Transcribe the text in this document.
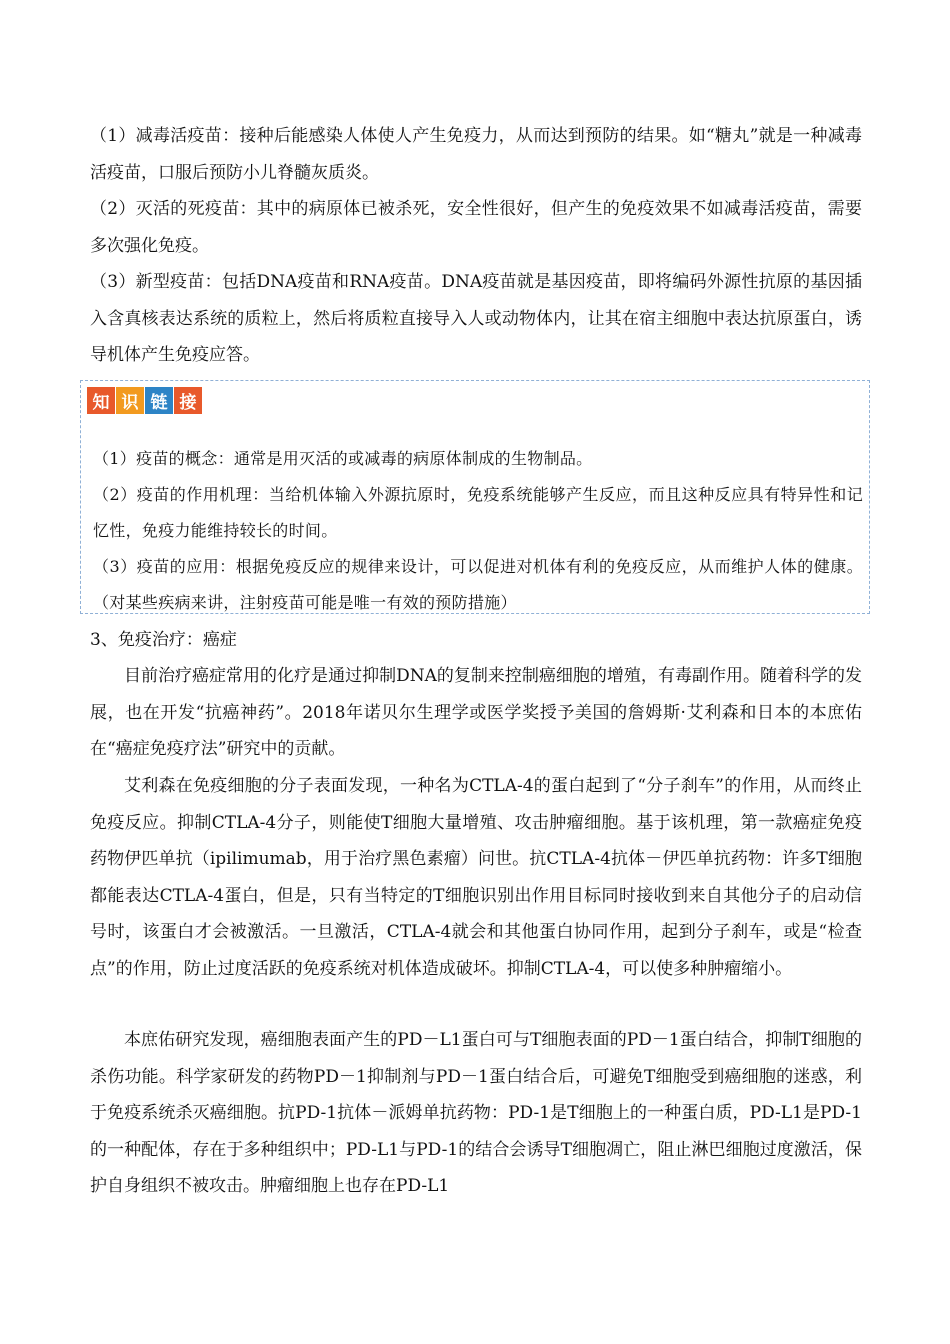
（1）减毒活疫苗：接种后能感染人体使人产生免疫力，从而达到预防的结果。如“糖丸”就是一种减毒活疫苗，口服后预防小儿脊髓灰质炎。
（2）灭活的死疫苗：其中的病原体已被杀死，安全性很好，但产生的免疫效果不如减毒活疫苗，需要多次强化免疫。
（3）新型疫苗：包括DNA疫苗和RNA疫苗。DNA疫苗就是基因疫苗，即将编码外源性抗原的基因插入含真核表达系统的质粒上，然后将质粒直接导入人或动物体内，让其在宿主细胞中表达抗原蛋白，诱导机体产生免疫应答。
知 识 链 接
（1）疫苗的概念：通常是用灭活的或减毒的病原体制成的生物制品。
（2）疫苗的作用机理：当给机体输入外源抗原时，免疫系统能够产生反应，而且这种反应具有特异性和记忆性，免疫力能维持较长的时间。
（3）疫苗的应用：根据免疫反应的规律来设计，可以促进对机体有利的免疫反应，从而维护人体的健康。（对某些疾病来讲，注射疫苗可能是唯一有效的预防措施）
3、免疫治疗：癌症
目前治疗癌症常用的化疗是通过抑制DNA的复制来控制癌细胞的增殖，有毒副作用。随着科学的发展，也在开发“抗癌神药”。2018年诺贝尔生理学或医学奖授予美国的詹姆斯·艾利森和日本的本庶佑在“癌症免疫疗法”研究中的贡献。
艾利森在免疫细胞的分子表面发现，一种名为CTLA-4的蛋白起到了“分子刹车”的作用，从而终止免疫反应。抑制CTLA-4分子，则能使T细胞大量增殖、攻击肿瘤细胞。基于该机理，第一款癌症免疫药物伊匹单抗（ipilimumab，用于治疗黑色素瘤）问世。抗CTLA-4抗体－伊匹单抗药物：许多T细胞都能表达CTLA-4蛋白，但是，只有当特定的T细胞识别出作用目标同时接收到来自其他分子的启动信号时，该蛋白才会被激活。一旦激活，CTLA-4就会和其他蛋白协同作用，起到分子刹车，或是“检查点”的作用，防止过度活跃的免疫系统对机体造成破坏。抑制CTLA-4，可以使多种肿瘤缩小。
本庶佑研究发现，癌细胞表面产生的PD－L1蛋白可与T细胞表面的PD－1蛋白结合，抑制T细胞的杀伤功能。科学家研发的药物PD－1抑制剂与PD－1蛋白结合后，可避免T细胞受到癌细胞的迷惑，利于免疫系统杀灭癌细胞。抗PD-1抗体－派姆单抗药物：PD-1是T细胞上的一种蛋白质，PD-L1是PD-1的一种配体，存在于多种组织中；PD-L1与PD-1的结合会诱导T细胞凋亡，阻止淋巴细胞过度激活，保护自身组织不被攻击。肿瘤细胞上也存在PD-L1
